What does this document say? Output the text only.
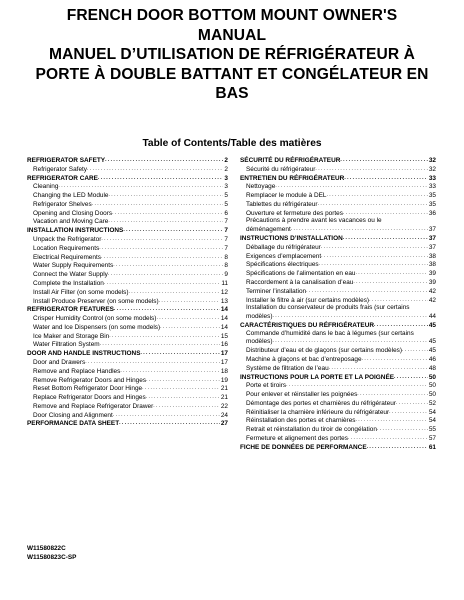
FRENCH DOOR BOTTOM MOUNT OWNER'S
MANUAL
MANUEL D’UTILISATION DE RÉFRIGÉRATEUR À
PORTE À DOUBLE BATTANT ET CONGÉLATEUR EN
BAS
Table of Contents/Table des matières
REFRIGERATOR SAFETY . . .	2
Refrigerator Safety . . .	2
REFRIGERATOR CARE . . .	3
Cleaning . . .	3
Changing the LED Module . . .	5
Refrigerator Shelves . . .	5
Opening and Closing Doors . . .	6
Vacation and Moving Care . . .	7
INSTALLATION INSTRUCTIONS . . .	7
Unpack the Refrigerator . . .	7
Location Requirements . . .	7
Electrical Requirements . . .	8
Water Supply Requirements . . .	8
Connect the Water Supply . . .	9
Complete the Installation . . .	11
Install Air Filter (on some models) . . .	12
Install Produce Preserver (on some models) . . .	13
REFRIGERATOR FEATURES . . .	14
Crisper Humidity Control (on some models) . . .	14
Water and Ice Dispensers (on some models) . . .	14
Ice Maker and Storage Bin . . .	15
Water Filtration System . . .	16
DOOR AND HANDLE INSTRUCTIONS . . .	17
Door and Drawers . . .	17
Remove and Replace Handles . . .	18
Remove Refrigerator Doors and Hinges . . .	19
Reset Bottom Refrigerator Door Hinge . . .	21
Replace Refrigerator Doors and Hinges . . .	21
Remove and Replace Refrigerator Drawer . . .	22
Door Closing and Alignment . . .	24
PERFORMANCE DATA SHEET . . .	27
SÉCURITÉ DU RÉFRIGÉRATEUR . . .	32
Sécurité du réfrigérateur . . .	32
ENTRETIEN DU RÉFRIGÉRATEUR . . .	33
Nettoyage . . .	33
Remplacer le module à DEL . . .	35
Tablettes du réfrigérateur . . .	35
Ouverture et fermeture des portes . . .	36
Précautions à prendre avant les vacances ou le
déménagement . . .	37
INSTRUCTIONS D’INSTALLATION . . .	37
Déballage du réfrigérateur . . .	37
Exigences d’emplacement . . .	38
Spécifications électriques . . .	38
Spécifications de l’alimentation en eau . . .	39
Raccordement à la canalisation d’eau . . .	39
Terminer l’installation . . .	42
Installer le filtre à air (sur certains modèles) . . .	42
Installation du conservateur de produits frais (sur certains
modèles) . . .	44
CARACTÉRISTIQUES DU RÉFRIGÉRATEUR . . .	45
Commande d’humidité dans le bac à légumes (sur certains
modèles) . . .	45
Distributeur d’eau et de glaçons (sur certains modèles) . . .	45
Machine à glaçons et bac d’entreposage . . .	46
Système de filtration de l’eau . . .	48
INSTRUCTIONS POUR LA PORTE ET LA POIGNÉE . . .	50
Porte et tiroirs . . .	50
Pour enlever et réinstaller les poignées . . .	50
Démontage des portes et charnières du réfrigérateur . . .	52
Réinitialiser la charnière inférieure du réfrigérateur . . .	54
Réinstallation des portes et charnières . . .	54
Retrait et réinstallation du tiroir de congélation . . .	55
Fermeture et alignement des portes . . .	57
FICHE DE DONNÉES DE PERFORMANCE . . .	61
W11580822C
W11580823C-SP
